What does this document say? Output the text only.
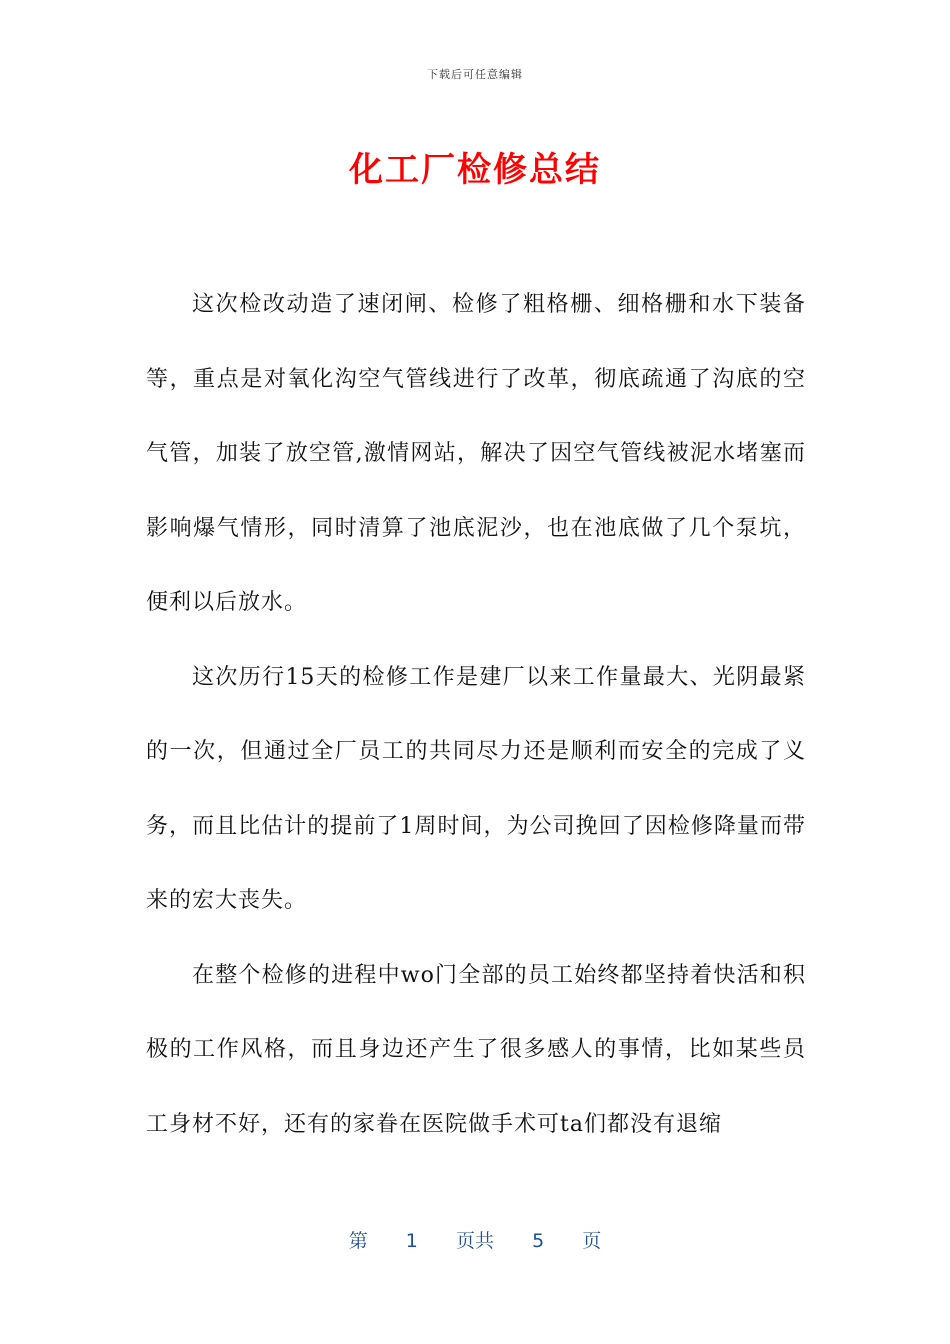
下载后可任意编辑
化工厂检修总结

这次检改动造了速闭闸、检修了粗格栅、细格栅和水下装备等，重点是对氧化沟空气管线进行了改革，彻底疏通了沟底的空气管，加装了放空管,激情网站，解决了因空气管线被泥水堵塞而影响爆气情形，同时清算了池底泥沙，也在池底做了几个泵坑，便利以后放水。

这次历行15天的检修工作是建厂以来工作量最大、光阴最紧的一次，但通过全厂员工的共同尽力还是顺利而安全的完成了义务，而且比估计的提前了1周时间，为公司挽回了因检修降量而带来的宏大丧失。

在整个检修的进程中wo门全部的员工始终都坚持着快活和积极的工作风格，而且身边还产生了很多感人的事情，比如某些员工身材不好，还有的家眷在医院做手术可ta们都没有退缩

第 1 页共 5 页
